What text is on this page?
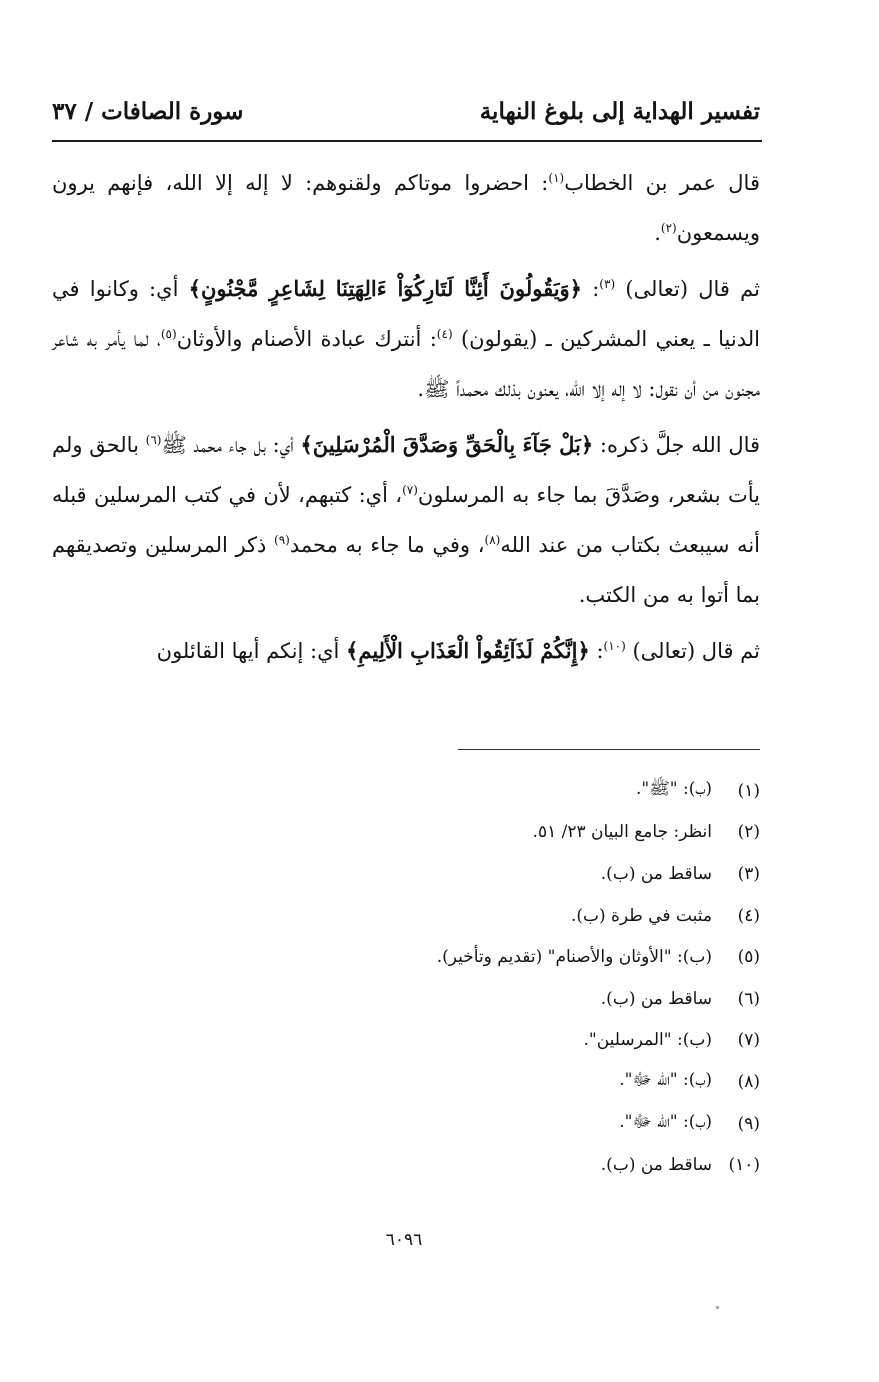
تفسير الهداية إلى بلوغ النهاية
سورة الصافات / ٣٧

قال عمر بن الخطاب$^{(١)}$: احضروا موتاكم ولقنوهم: لا إله إلا الله، فإنهم يرون ويسمعون$^{(٢)}$.

ثم قال (تعالى) $^{(٣)}$: ﴿وَيَقُولُونَ أَئِنَّا لَتَارِكُوٓاْ ءَالِهَتِنَا لِشَاعِرٍ مَّجْنُونٍ﴾ أي: وكانوا في الدنيا ـ يعني المشركين ـ (يقولون) $^{(٤)}$: أنترك عبادة الأصنام والأوثان$^{(٥)}$، لما يأمر به شاعر مجنون من أن نقول: لا إله إلا الله، يعنون بذلك محمداً ﷺ.

قال الله جلَّ ذكره: ﴿بَلْ جَآءَ بِالْحَقِّ وَصَدَّقَ الْمُرْسَلِينَ﴾ أي: بل جاء محمد ﷺ$^{(٦)}$ بالحق ولم يأت بشعر، وصَدَّقَ بما جاء به المرسلون$^{(٧)}$، أي: كتبهم، لأن في كتب المرسلين قبله أنه سيبعث بكتاب من عند الله$^{(٨)}$، وفي ما جاء به محمد$^{(٩)}$ ذكر المرسلين وتصديقهم بما أتوا به من الكتب.

ثم قال (تعالى) $^{(١٠)}$: ﴿إِنَّكُمْ لَذَآئِقُواْ الْعَذَابِ الْأَلِيمِ﴾ أي: إنكم أيها القائلون

(١)
(ب): "ﷺ".
(٢)
انظر: جامع البيان ٢٣/ ٥١.
(٣)
ساقط من (ب).
(٤)
مثبت في طرة (ب).
(٥)
(ب): "الأوثان والأصنام" (تقديم وتأخير).
(٦)
ساقط من (ب).
(٧)
(ب): "المرسلين".
(٨)
(ب): "الله ﷻ".
(٩)
(ب): "الله ﷻ".
(١٠)
ساقط من (ب).
٦٠٩٦
